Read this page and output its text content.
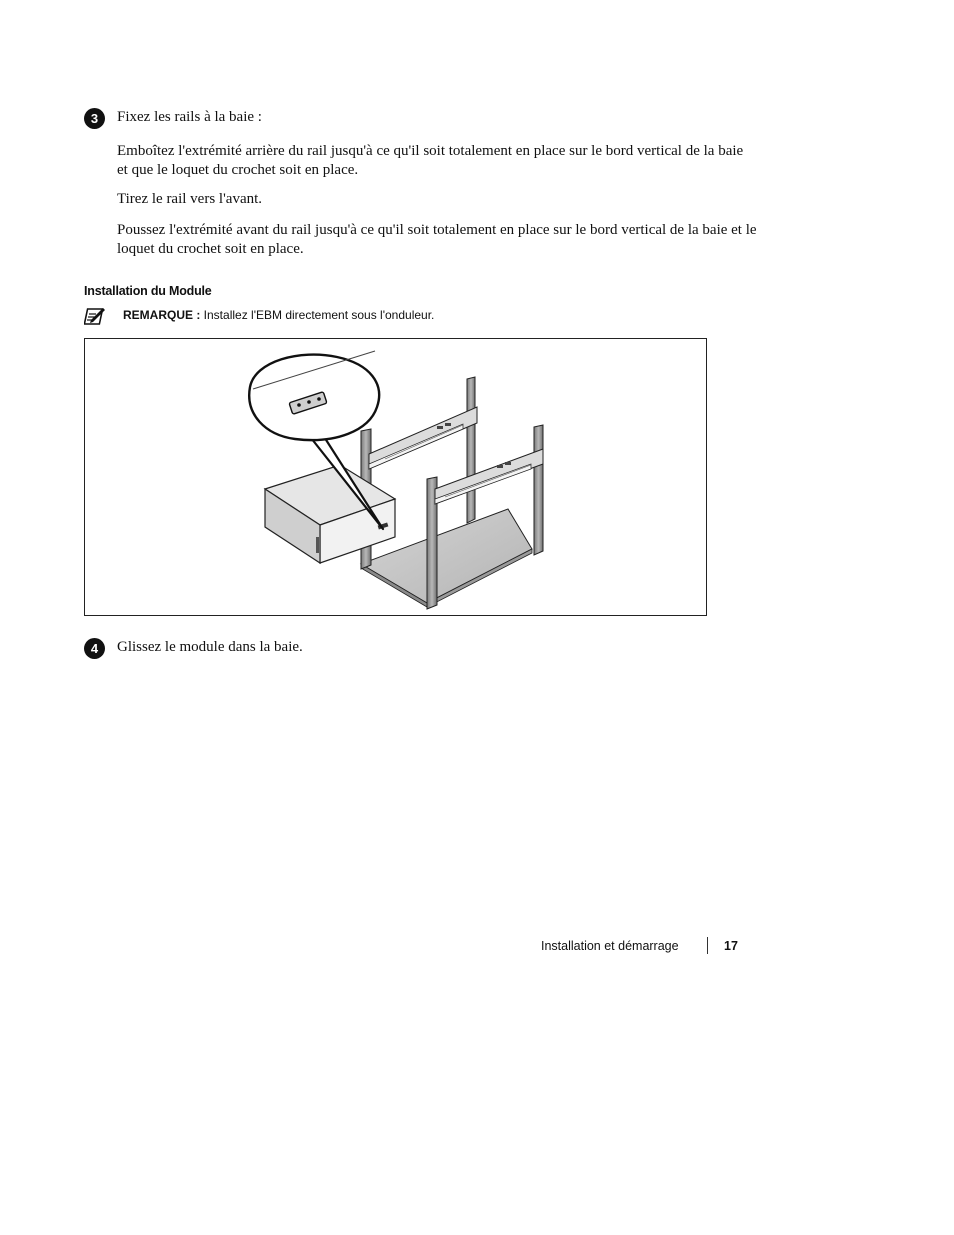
3	Fixez les rails à la baie :
Emboîtez l'extrémité arrière du rail jusqu'à ce qu'il soit totalement en place sur le bord vertical de la baie et que le loquet du crochet soit en place.
Tirez le rail vers l'avant.
Poussez l'extrémité avant du rail jusqu'à ce qu'il soit totalement en place sur le bord vertical de la baie et le loquet du crochet soit en place.
Installation du Module
REMARQUE : Installez l'EBM directement sous l'onduleur.
4	Glissez le module dans la baie.
Installation et démarrage	17
